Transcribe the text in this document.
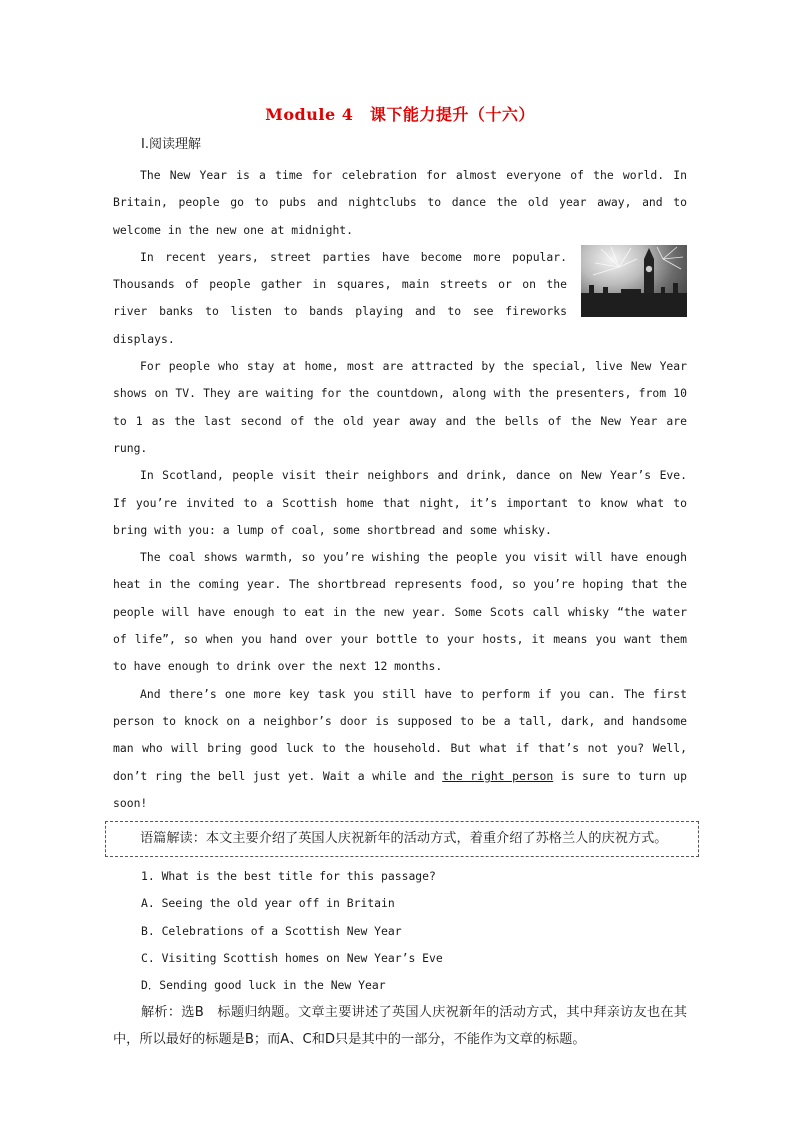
Module 4　课下能力提升（十六）
Ⅰ.阅读理解

The New Year is a time for celebration for almost everyone of the world. In Britain, people go to pubs and nightclubs to dance the old year away, and to welcome in the new one at midnight.

In recent years, street parties have become more popular. Thousands of people gather in squares, main streets or on the river banks to listen to bands playing and to see fireworks displays.

For people who stay at home, most are attracted by the special, live New Year shows on TV. They are waiting for the countdown, along with the presenters, from 10 to 1 as the last second of the old year away and the bells of the New Year are rung.

In Scotland, people visit their neighbors and drink, dance on New Year’s Eve. If you’re invited to a Scottish home that night, it’s important to know what to bring with you: a lump of coal, some shortbread and some whisky.

The coal shows warmth, so you’re wishing the people you visit will have enough heat in the coming year. The shortbread represents food, so you’re hoping that the people will have enough to eat in the new year. Some Scots call whisky “the water of life”, so when you hand over your bottle to your hosts, it means you want them to have enough to drink over the next 12 months.

And there’s one more key task you still have to perform if you can. The first person to knock on a neighbor’s door is supposed to be a tall, dark, and handsome man who will bring good luck to the household. But what if that’s not you? Well, don’t ring the bell just yet. Wait a while and the right person is sure to turn up soon!

语篇解读：本文主要介绍了英国人庆祝新年的活动方式，着重介绍了苏格兰人的庆祝方式。
1. What is the best title for this passage?
A. Seeing the old year off in Britain
B. Celebrations of a Scottish New Year
C. Visiting Scottish homes on New Year’s Eve
D．Sending good luck in the New Year

解析：选B　标题归纳题。文章主要讲述了英国人庆祝新年的活动方式，其中拜亲访友也在其中，所以最好的标题是B；而A、C和D只是其中的一部分，不能作为文章的标题。
